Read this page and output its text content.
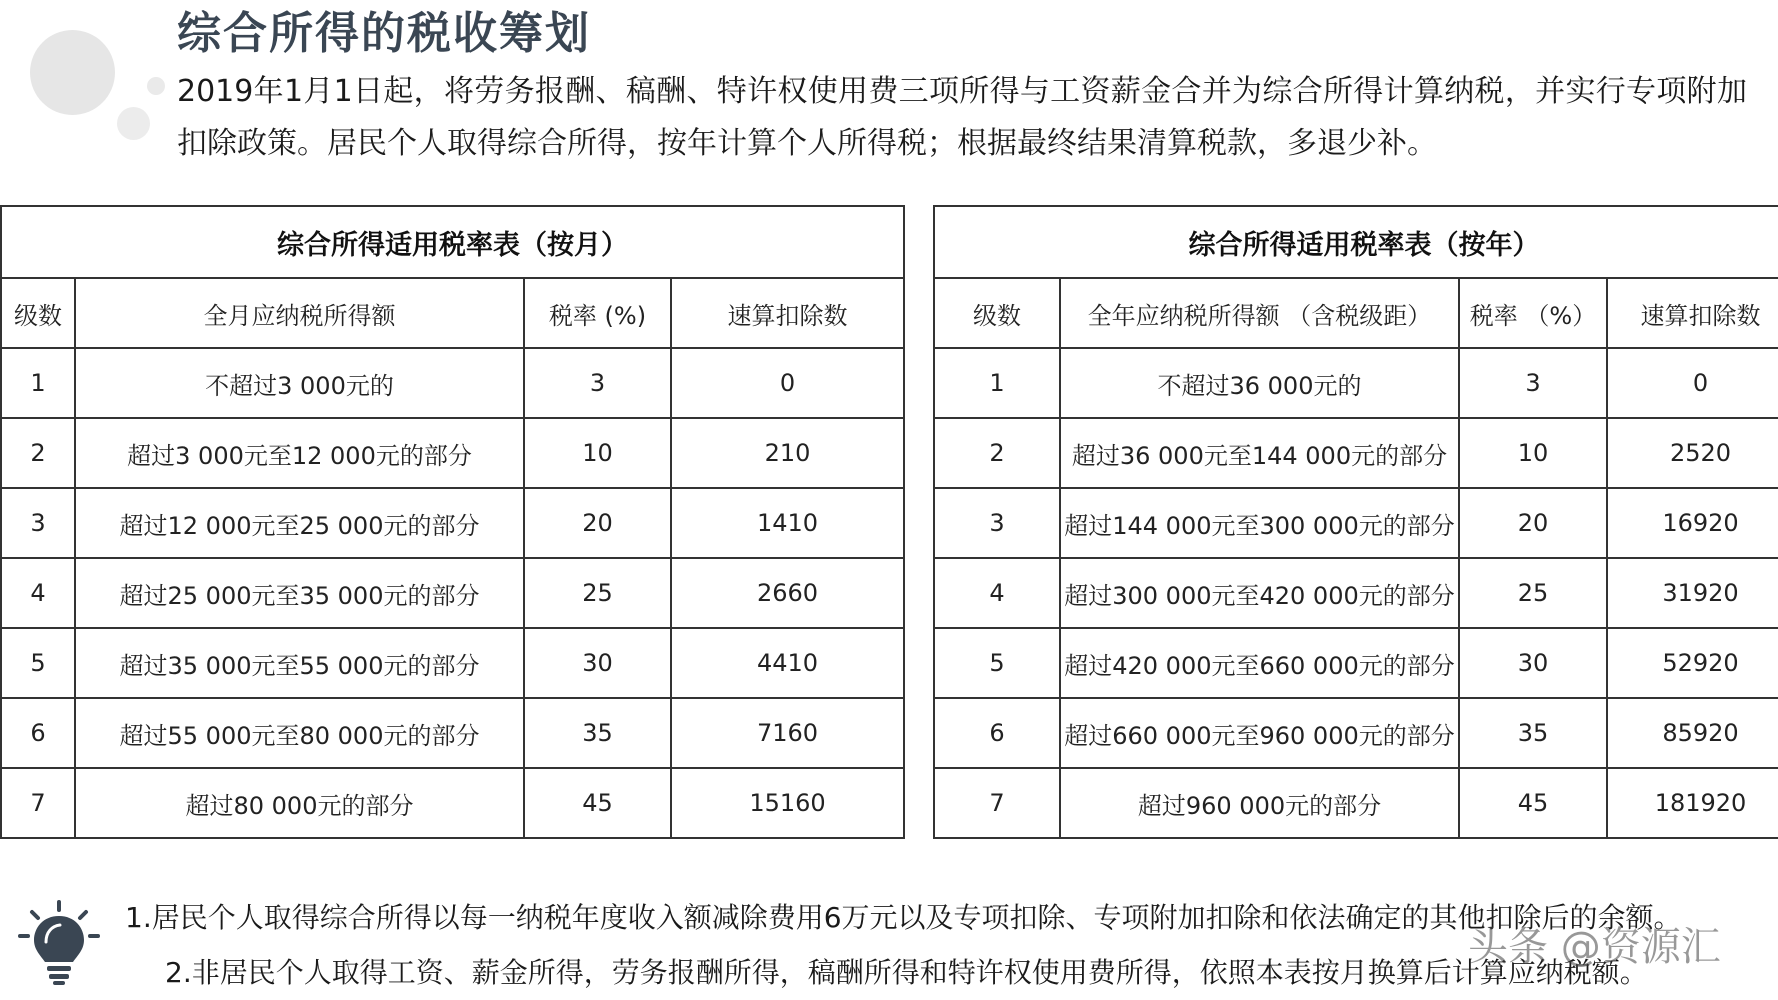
综合所得的税收筹划
2019年1月1日起，将劳务报酬、稿酬、特许权使用费三项所得与工资薪金合并为综合所得计算纳税，并实行专项附加扣除政策。居民个人取得综合所得，按年计算个人所得税；根据最终结果清算税款，多退少补。
综合所得适用税率表（按月）			
级数	全月应纳税所得额	税率 (%)	速算扣除数
1	不超过3 000元的	3	0
2	超过3 000元至12 000元的部分	10	210
3	超过12 000元至25 000元的部分	20	1410
4	超过25 000元至35 000元的部分	25	2660
5	超过35 000元至55 000元的部分	30	4410
6	超过55 000元至80 000元的部分	35	7160
7	超过80 000元的部分	45	15160
综合所得适用税率表（按年）			
级数	全年应纳税所得额 （含税级距）	税率 （%）	速算扣除数
1	不超过36 000元的	3	0
2	超过36 000元至144 000元的部分	10	2520
3	超过144 000元至300 000元的部分	20	16920
4	超过300 000元至420 000元的部分	25	31920
5	超过420 000元至660 000元的部分	30	52920
6	超过660 000元至960 000元的部分	35	85920
7	超过960 000元的部分	45	181920
1.居民个人取得综合所得以每一纳税年度收入额减除费用6万元以及专项扣除、专项附加扣除和依法确定的其他扣除后的余额。
2.非居民个人取得工资、薪金所得，劳务报酬所得，稿酬所得和特许权使用费所得，依照本表按月换算后计算应纳税额。
头条 @资源汇
